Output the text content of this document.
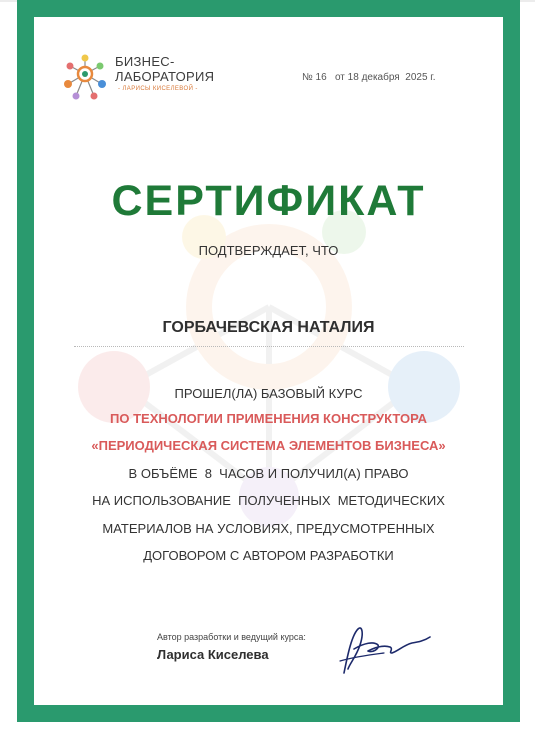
БИЗНЕС-
ЛАБОРАТОРИЯ
- ЛАРИСЫ КИСЕЛЕВОЙ -
№ 16   от 18 декабря  2025 г.
СЕРТИФИКАТ
ПОДТВЕРЖДАЕТ, ЧТО
ГОРБАЧЕВСКАЯ НАТАЛИЯ
ПРОШЕЛ(ЛА) БАЗОВЫЙ КУРС
ПО ТЕХНОЛОГИИ ПРИМЕНЕНИЯ КОНСТРУКТОРА
«ПЕРИОДИЧЕСКАЯ СИСТЕМА ЭЛЕМЕНТОВ БИЗНЕСА»
В ОБЪЁМЕ  8  ЧАСОВ И ПОЛУЧИЛ(А) ПРАВО
НА ИСПОЛЬЗОВАНИЕ  ПОЛУЧЕННЫХ  МЕТОДИЧЕСКИХ
МАТЕРИАЛОВ НА УСЛОВИЯХ, ПРЕДУСМОТРЕННЫХ
ДОГОВОРОМ С АВТОРОМ РАЗРАБОТКИ
Автор разработки и ведущий курса:
Лариса Киселева
